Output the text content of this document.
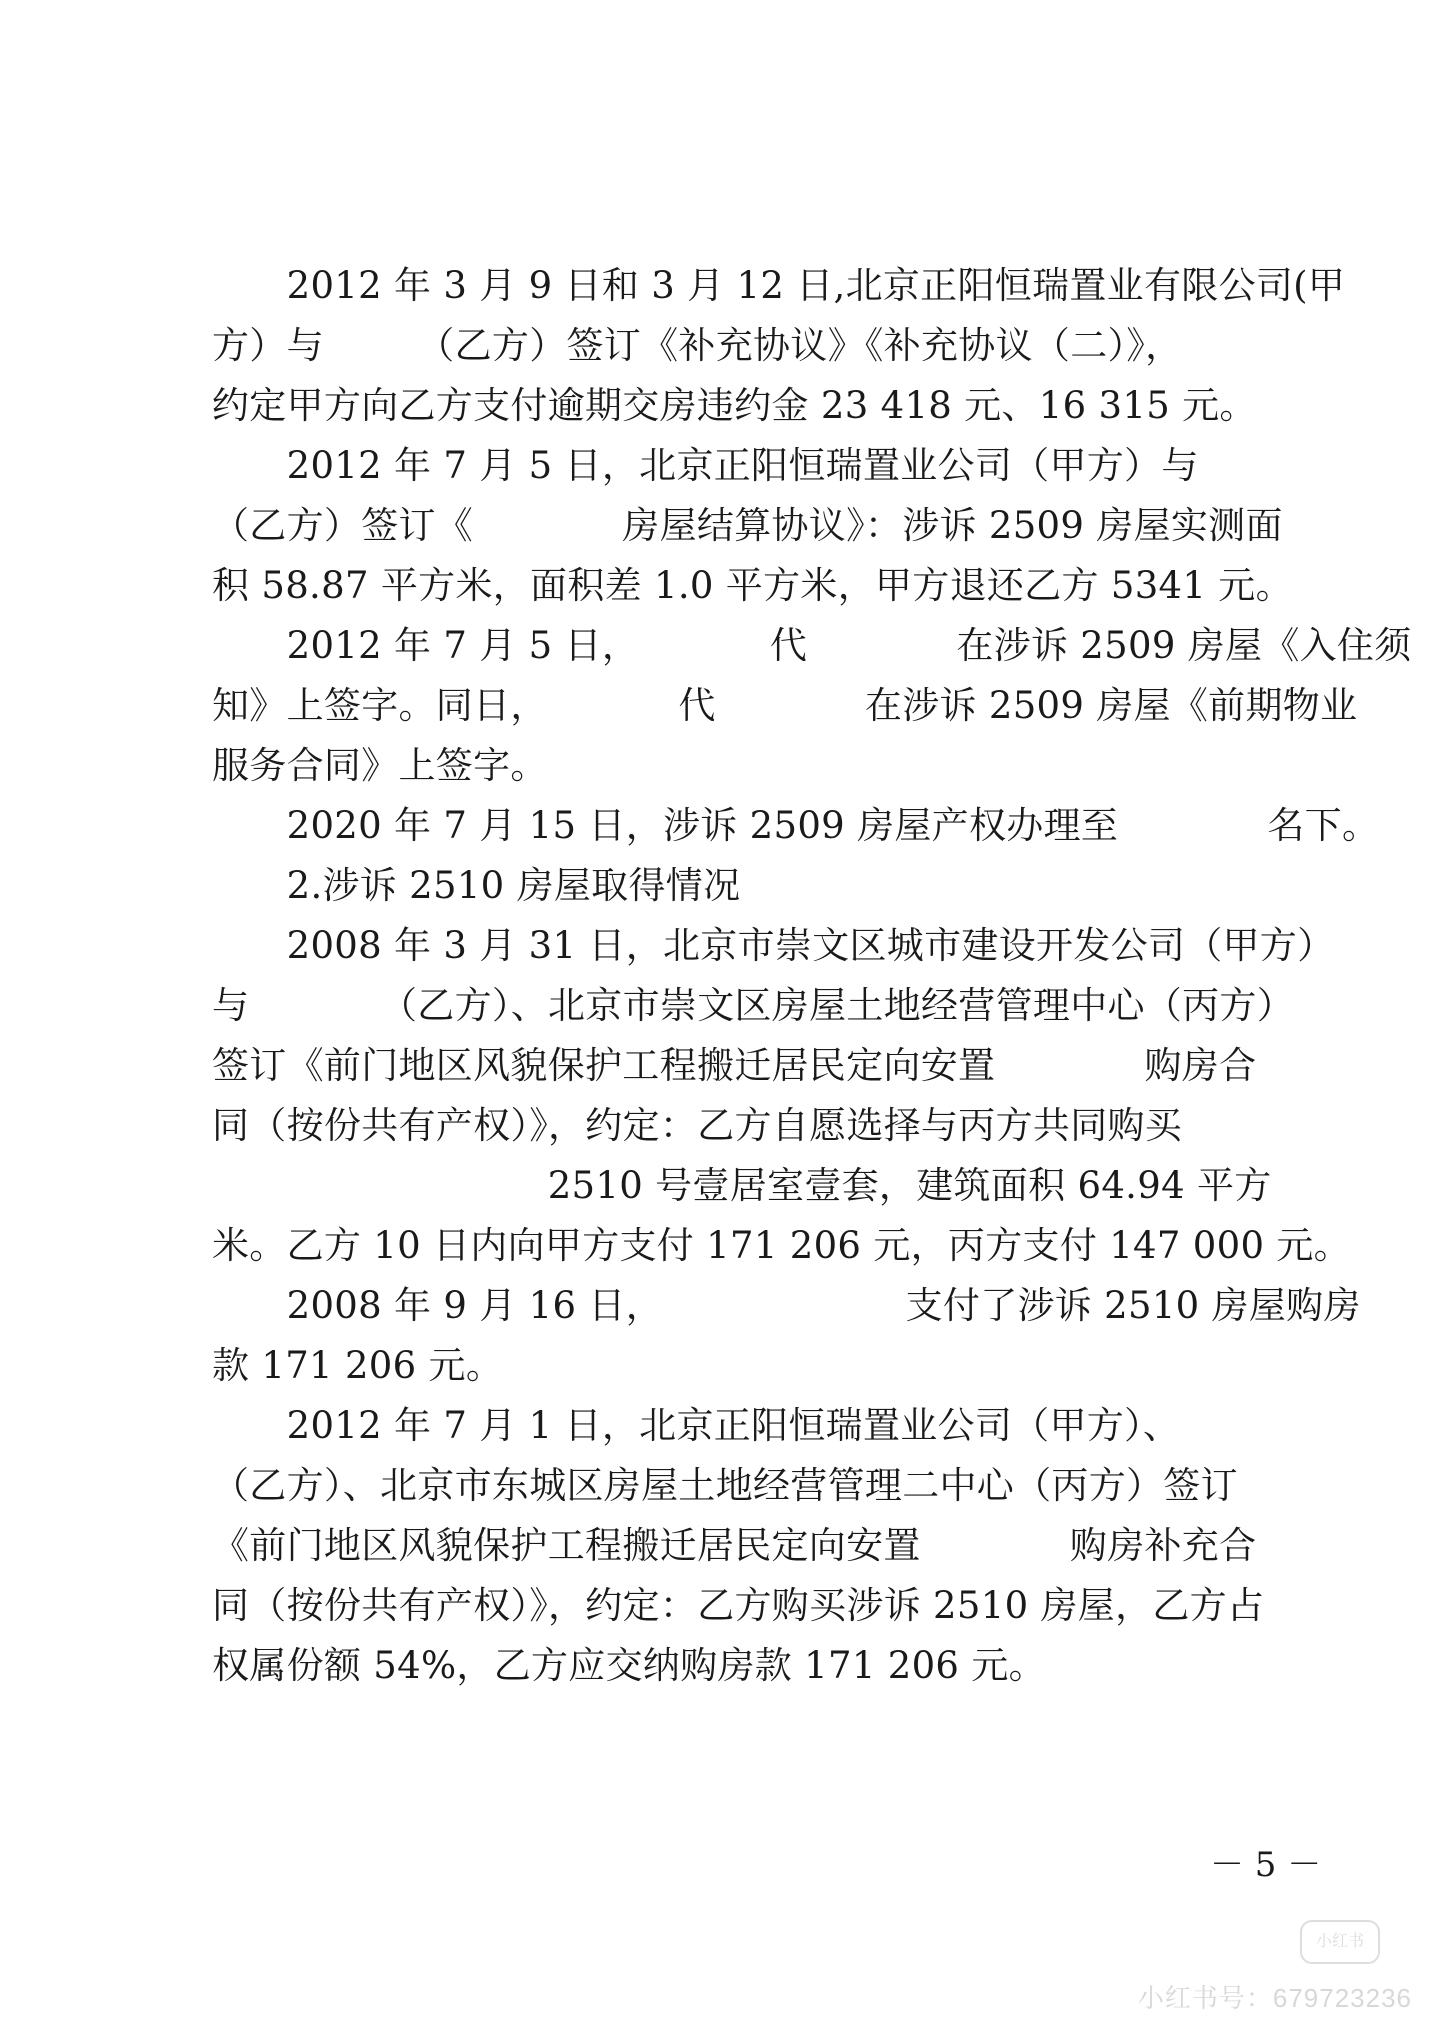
　　2012 年 3 月 9 日和 3 月 12 日,北京正阳恒瑞置业有限公司(甲
方）与　　　（乙方）签订《补充协议》《补充协议（二）》，
约定甲方向乙方支付逾期交房违约金 23 418 元、16 315 元。
　　2012 年 7 月 5 日，北京正阳恒瑞置业公司（甲方）与
（乙方）签订《　　　　房屋结算协议》：涉诉 2509 房屋实测面
积 58.87 平方米，面积差 1.0 平方米，甲方退还乙方 5341 元。
　　2012 年 7 月 5 日，　　　　代　　　　在涉诉 2509 房屋《入住须
知》上签字。同日，　　　　代　　　　在涉诉 2509 房屋《前期物业
服务合同》上签字。
　　2020 年 7 月 15 日，涉诉 2509 房屋产权办理至　　　　名下。
　　2.涉诉 2510 房屋取得情况
　　2008 年 3 月 31 日，北京市崇文区城市建设开发公司（甲方）
与　　　　（乙方）、北京市崇文区房屋土地经营管理中心（丙方）
签订《前门地区风貌保护工程搬迁居民定向安置　　　　购房合
同（按份共有产权）》，约定：乙方自愿选择与丙方共同购买
　　　　　　　　　2510 号壹居室壹套，建筑面积 64.94 平方
米。乙方 10 日内向甲方支付 171 206 元，丙方支付 147 000 元。
　　2008 年 9 月 16 日，　　　　　　　支付了涉诉 2510 房屋购房
款 171 206 元。
　　2012 年 7 月 1 日，北京正阳恒瑞置业公司（甲方）、
（乙方）、北京市东城区房屋土地经营管理二中心（丙方）签订
《前门地区风貌保护工程搬迁居民定向安置　　　　购房补充合
同（按份共有产权）》，约定：乙方购买涉诉 2510 房屋，乙方占
权属份额 54%，乙方应交纳购房款 171 206 元。
－ 5 －
小红书
小红书号：679723236
